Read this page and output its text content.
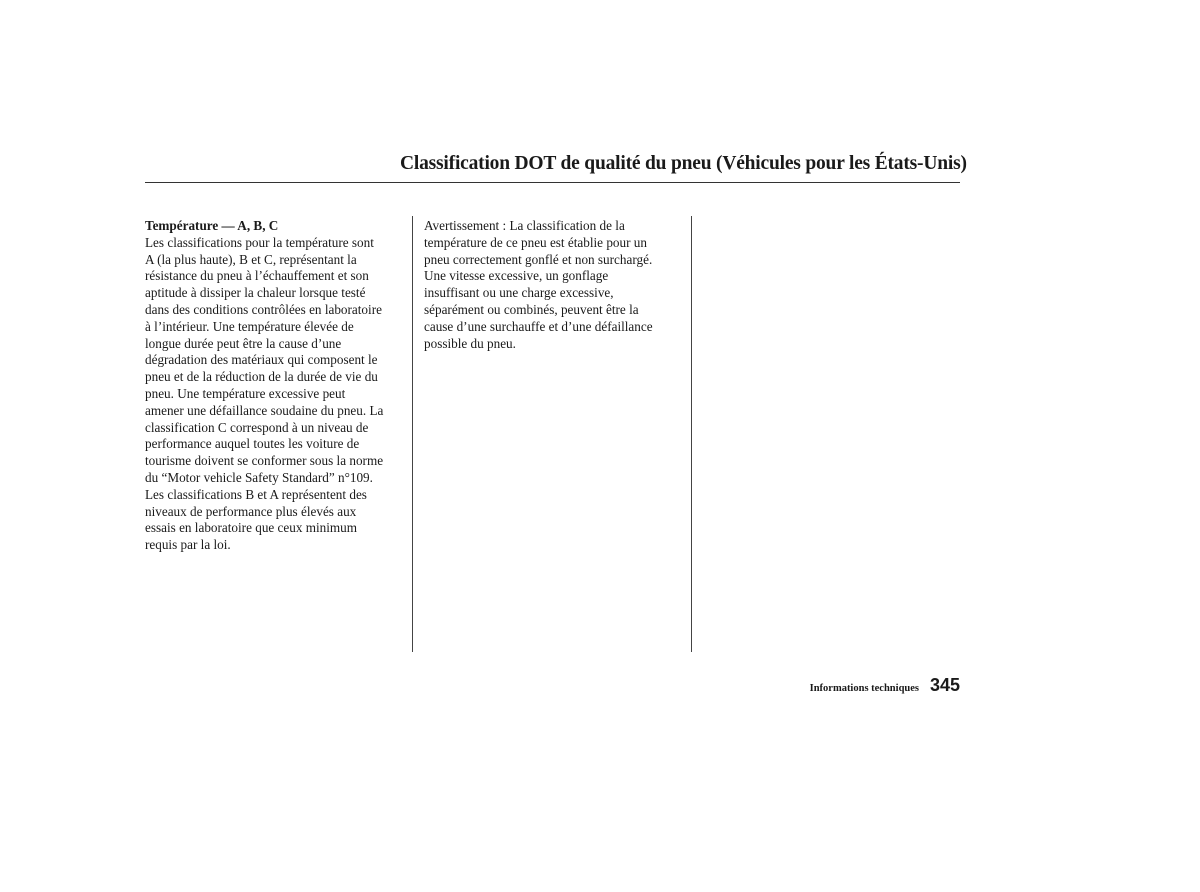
Classification DOT de qualité du pneu (Véhicules pour les États-Unis)
Température — A, B, C
Les classifications pour la température sont
A (la plus haute), B et C, représentant la
résistance du pneu à l’échauffement et son
aptitude à dissiper la chaleur lorsque testé
dans des conditions contrôlées en laboratoire
à l’intérieur. Une température élevée de
longue durée peut être la cause d’une
dégradation des matériaux qui composent le
pneu et de la réduction de la durée de vie du
pneu. Une température excessive peut
amener une défaillance soudaine du pneu. La
classification C correspond à un niveau de
performance auquel toutes les voiture de
tourisme doivent se conformer sous la norme
du “Motor vehicle Safety Standard” n°109.
Les classifications B et A représentent des
niveaux de performance plus élevés aux
essais en laboratoire que ceux minimum
requis par la loi.
Avertissement : La classification de la
température de ce pneu est établie pour un
pneu correctement gonflé et non surchargé.
Une vitesse excessive, un gonflage
insuffisant ou une charge excessive,
séparément ou combinés, peuvent être la
cause d’une surchauffe et d’une défaillance
possible du pneu.
Informations techniques 345
